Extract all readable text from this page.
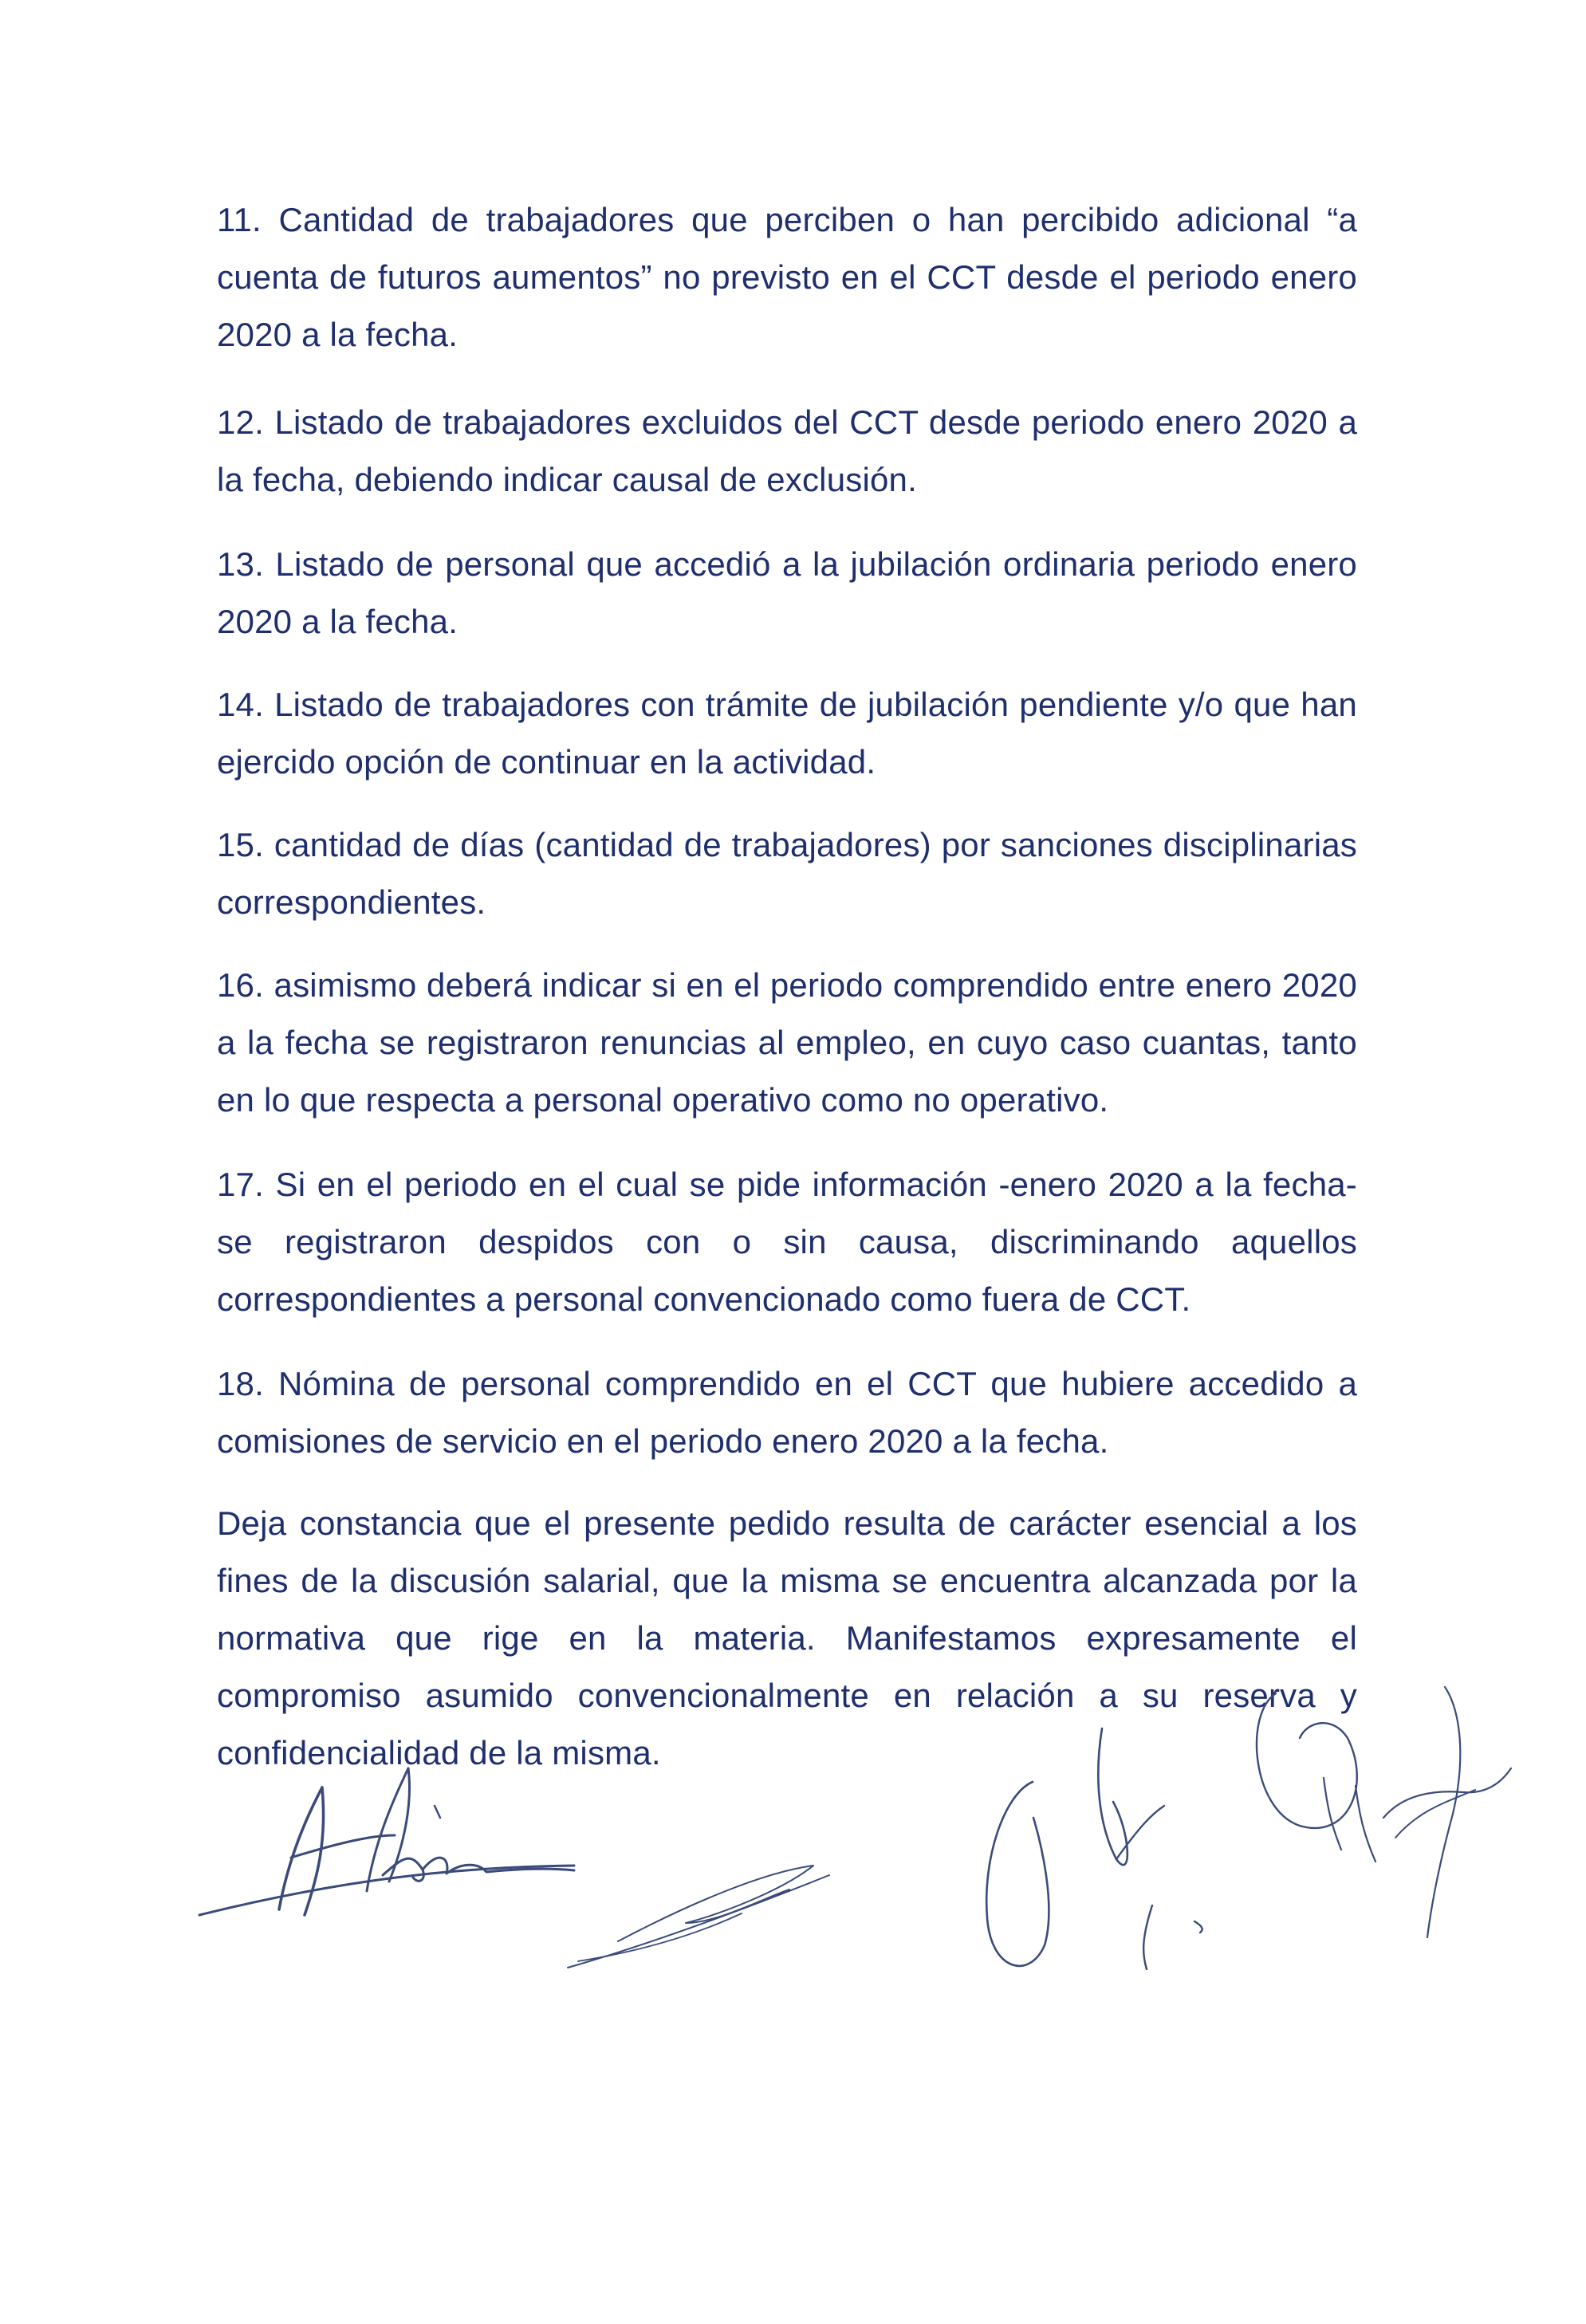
11. Cantidad de trabajadores que perciben o han percibido adicional “a cuenta de futuros aumentos” no previsto en el CCT desde el periodo enero 2020 a la fecha.

12. Listado de trabajadores excluidos del CCT desde periodo enero 2020 a la fecha, debiendo indicar causal de exclusión.

13. Listado de personal que accedió a la jubilación ordinaria periodo enero 2020 a la fecha.

14. Listado de trabajadores con trámite de jubilación pendiente y/o que han ejercido opción de continuar en la actividad.

15. cantidad de días (cantidad de trabajadores) por sanciones disciplinarias correspondientes.

16. asimismo deberá indicar si en el periodo comprendido entre enero 2020 a la fecha se registraron renuncias al empleo, en cuyo caso cuantas, tanto en lo que respecta a personal operativo como no operativo.

17. Si en el periodo en el cual se pide información -enero 2020 a la fecha- se registraron despidos con o sin causa, discriminando aquellos correspondientes a personal convencionado como fuera de CCT.

18. Nómina de personal comprendido en el CCT que hubiere accedido a comisiones de servicio en el periodo enero 2020 a la fecha.

Deja constancia que el presente pedido resulta de carácter esencial a los fines de la discusión salarial, que la misma se encuentra alcanzada por la normativa que rige en la materia. Manifestamos expresamente el compromiso asumido convencionalmente en relación a su reserva y confidencialidad de la misma.
